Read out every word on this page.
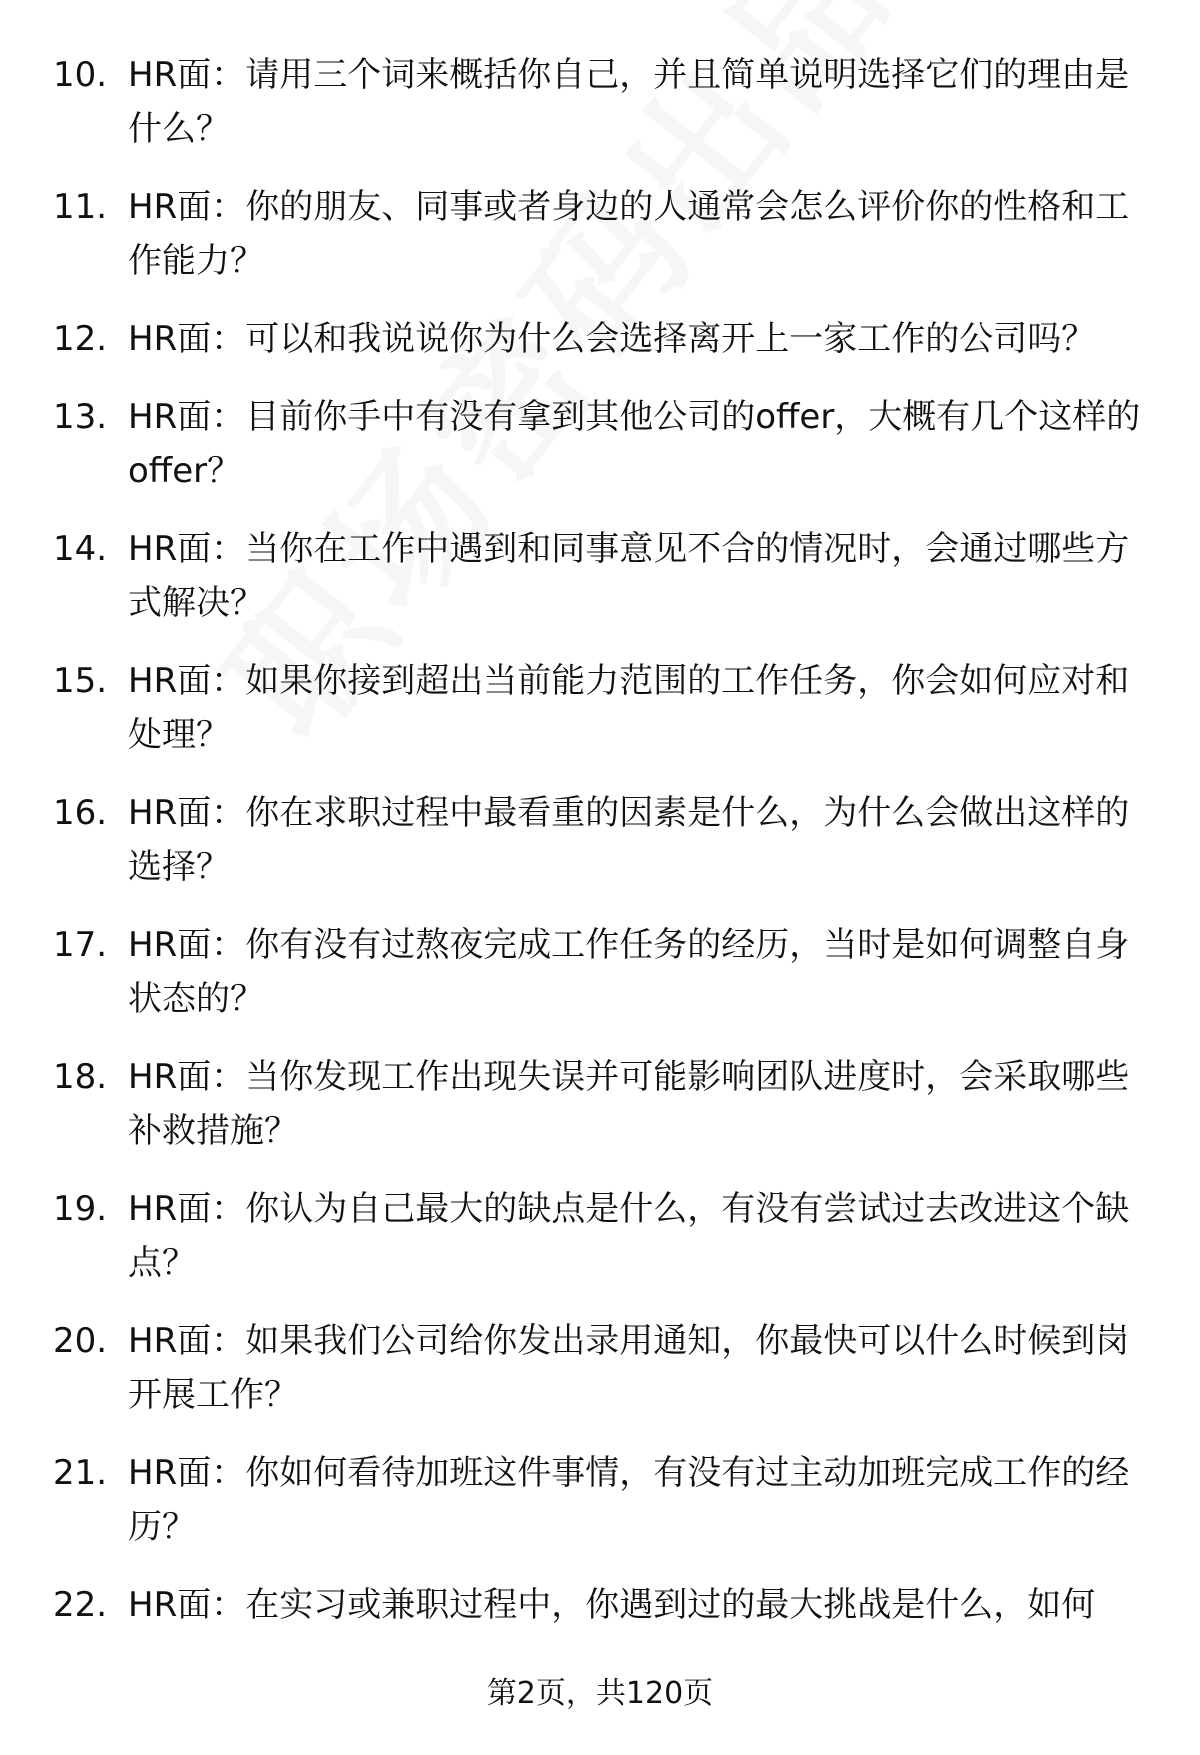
10. HR面：请用三个词来概括你自己，并且简单说明选择它们的理由是什么？
11. HR面：你的朋友、同事或者身边的人通常会怎么评价你的性格和工作能力？
12. HR面：可以和我说说你为什么会选择离开上一家工作的公司吗？
13. HR面：目前你手中有没有拿到其他公司的offer，大概有几个这样的offer？
14. HR面：当你在工作中遇到和同事意见不合的情况时，会通过哪些方式解决？
15. HR面：如果你接到超出当前能力范围的工作任务，你会如何应对和处理？
16. HR面：你在求职过程中最看重的因素是什么，为什么会做出这样的选择？
17. HR面：你有没有过熬夜完成工作任务的经历，当时是如何调整自身状态的？
18. HR面：当你发现工作出现失误并可能影响团队进度时，会采取哪些补救措施？
19. HR面：你认为自己最大的缺点是什么，有没有尝试过去改进这个缺点？
20. HR面：如果我们公司给你发出录用通知，你最快可以什么时候到岗开展工作？
21. HR面：你如何看待加班这件事情，有没有过主动加班完成工作的经历？
22. HR面：在实习或兼职过程中，你遇到过的最大挑战是什么，如何
第2页，共120页
